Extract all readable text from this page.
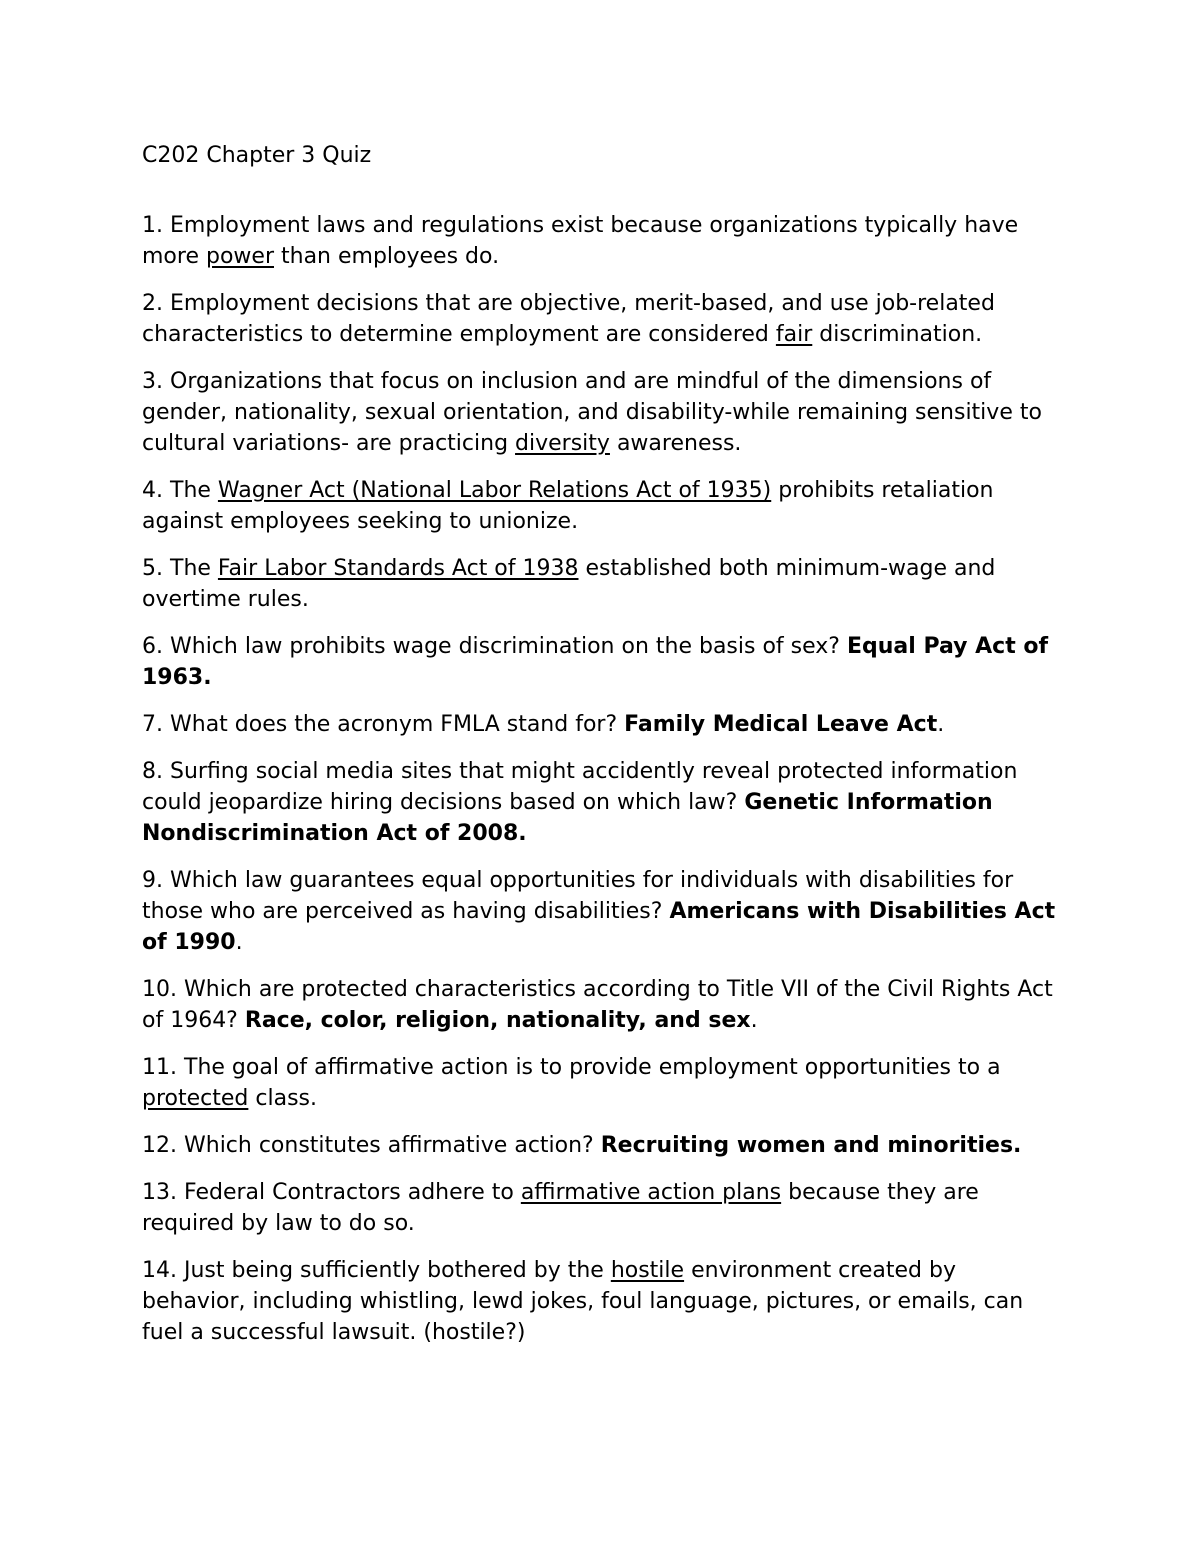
C202 Chapter 3 Quiz

1. Employment laws and regulations exist because organizations typically have more power than employees do.

2. Employment decisions that are objective, merit-based, and use job-related characteristics to determine employment are considered fair discrimination.

3. Organizations that focus on inclusion and are mindful of the dimensions of gender, nationality, sexual orientation, and disability-while remaining sensitive to cultural variations- are practicing diversity awareness.

4. The Wagner Act (National Labor Relations Act of 1935) prohibits retaliation against employees seeking to unionize.

5. The Fair Labor Standards Act of 1938 established both minimum-wage and overtime rules.

6. Which law prohibits wage discrimination on the basis of sex? Equal Pay Act of 1963.

7. What does the acronym FMLA stand for? Family Medical Leave Act.

8. Surfing social media sites that might accidently reveal protected information could jeopardize hiring decisions based on which law? Genetic Information Nondiscrimination Act of 2008.

9. Which law guarantees equal opportunities for individuals with disabilities for those who are perceived as having disabilities? Americans with Disabilities Act of 1990.

10. Which are protected characteristics according to Title VII of the Civil Rights Act of 1964? Race, color, religion, nationality, and sex.

11. The goal of affirmative action is to provide employment opportunities to a protected class.

12. Which constitutes affirmative action? Recruiting women and minorities.

13. Federal Contractors adhere to affirmative action plans because they are required by law to do so.

14. Just being sufficiently bothered by the hostile environment created by behavior, including whistling, lewd jokes, foul language, pictures, or emails, can fuel a successful lawsuit. (hostile?)
